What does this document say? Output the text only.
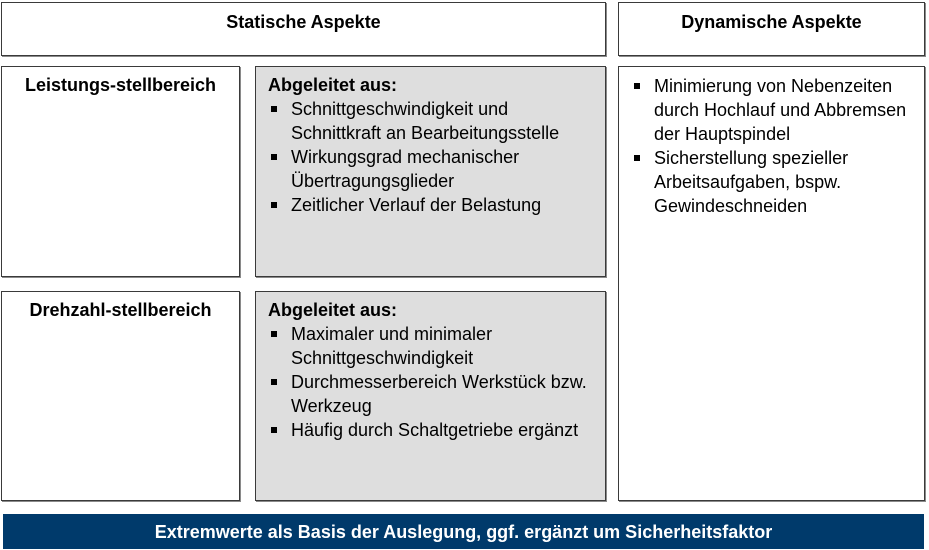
Statische Aspekte	Dynamische Aspekte
Leistungs-stellbereich	Abgeleitet aus:
Schnittgeschwindigkeit und Schnittkraft an Bearbeitungsstelle
Wirkungsgrad mechanischer Übertragungsglieder
Zeitlicher Verlauf der Belastung
Drehzahl-stellbereich	Abgeleitet aus:
Maximaler und minimaler Schnittgeschwindigkeit
Durchmesserbereich Werkstück bzw. Werkzeug
Häufig durch Schaltgetriebe ergänzt
Minimierung von Nebenzeiten durch Hochlauf und Abbremsen der Hauptspindel
Sicherstellung spezieller Arbeitsaufgaben, bspw. Gewindeschneiden
Extremwerte als Basis der Auslegung, ggf. ergänzt um Sicherheitsfaktor
